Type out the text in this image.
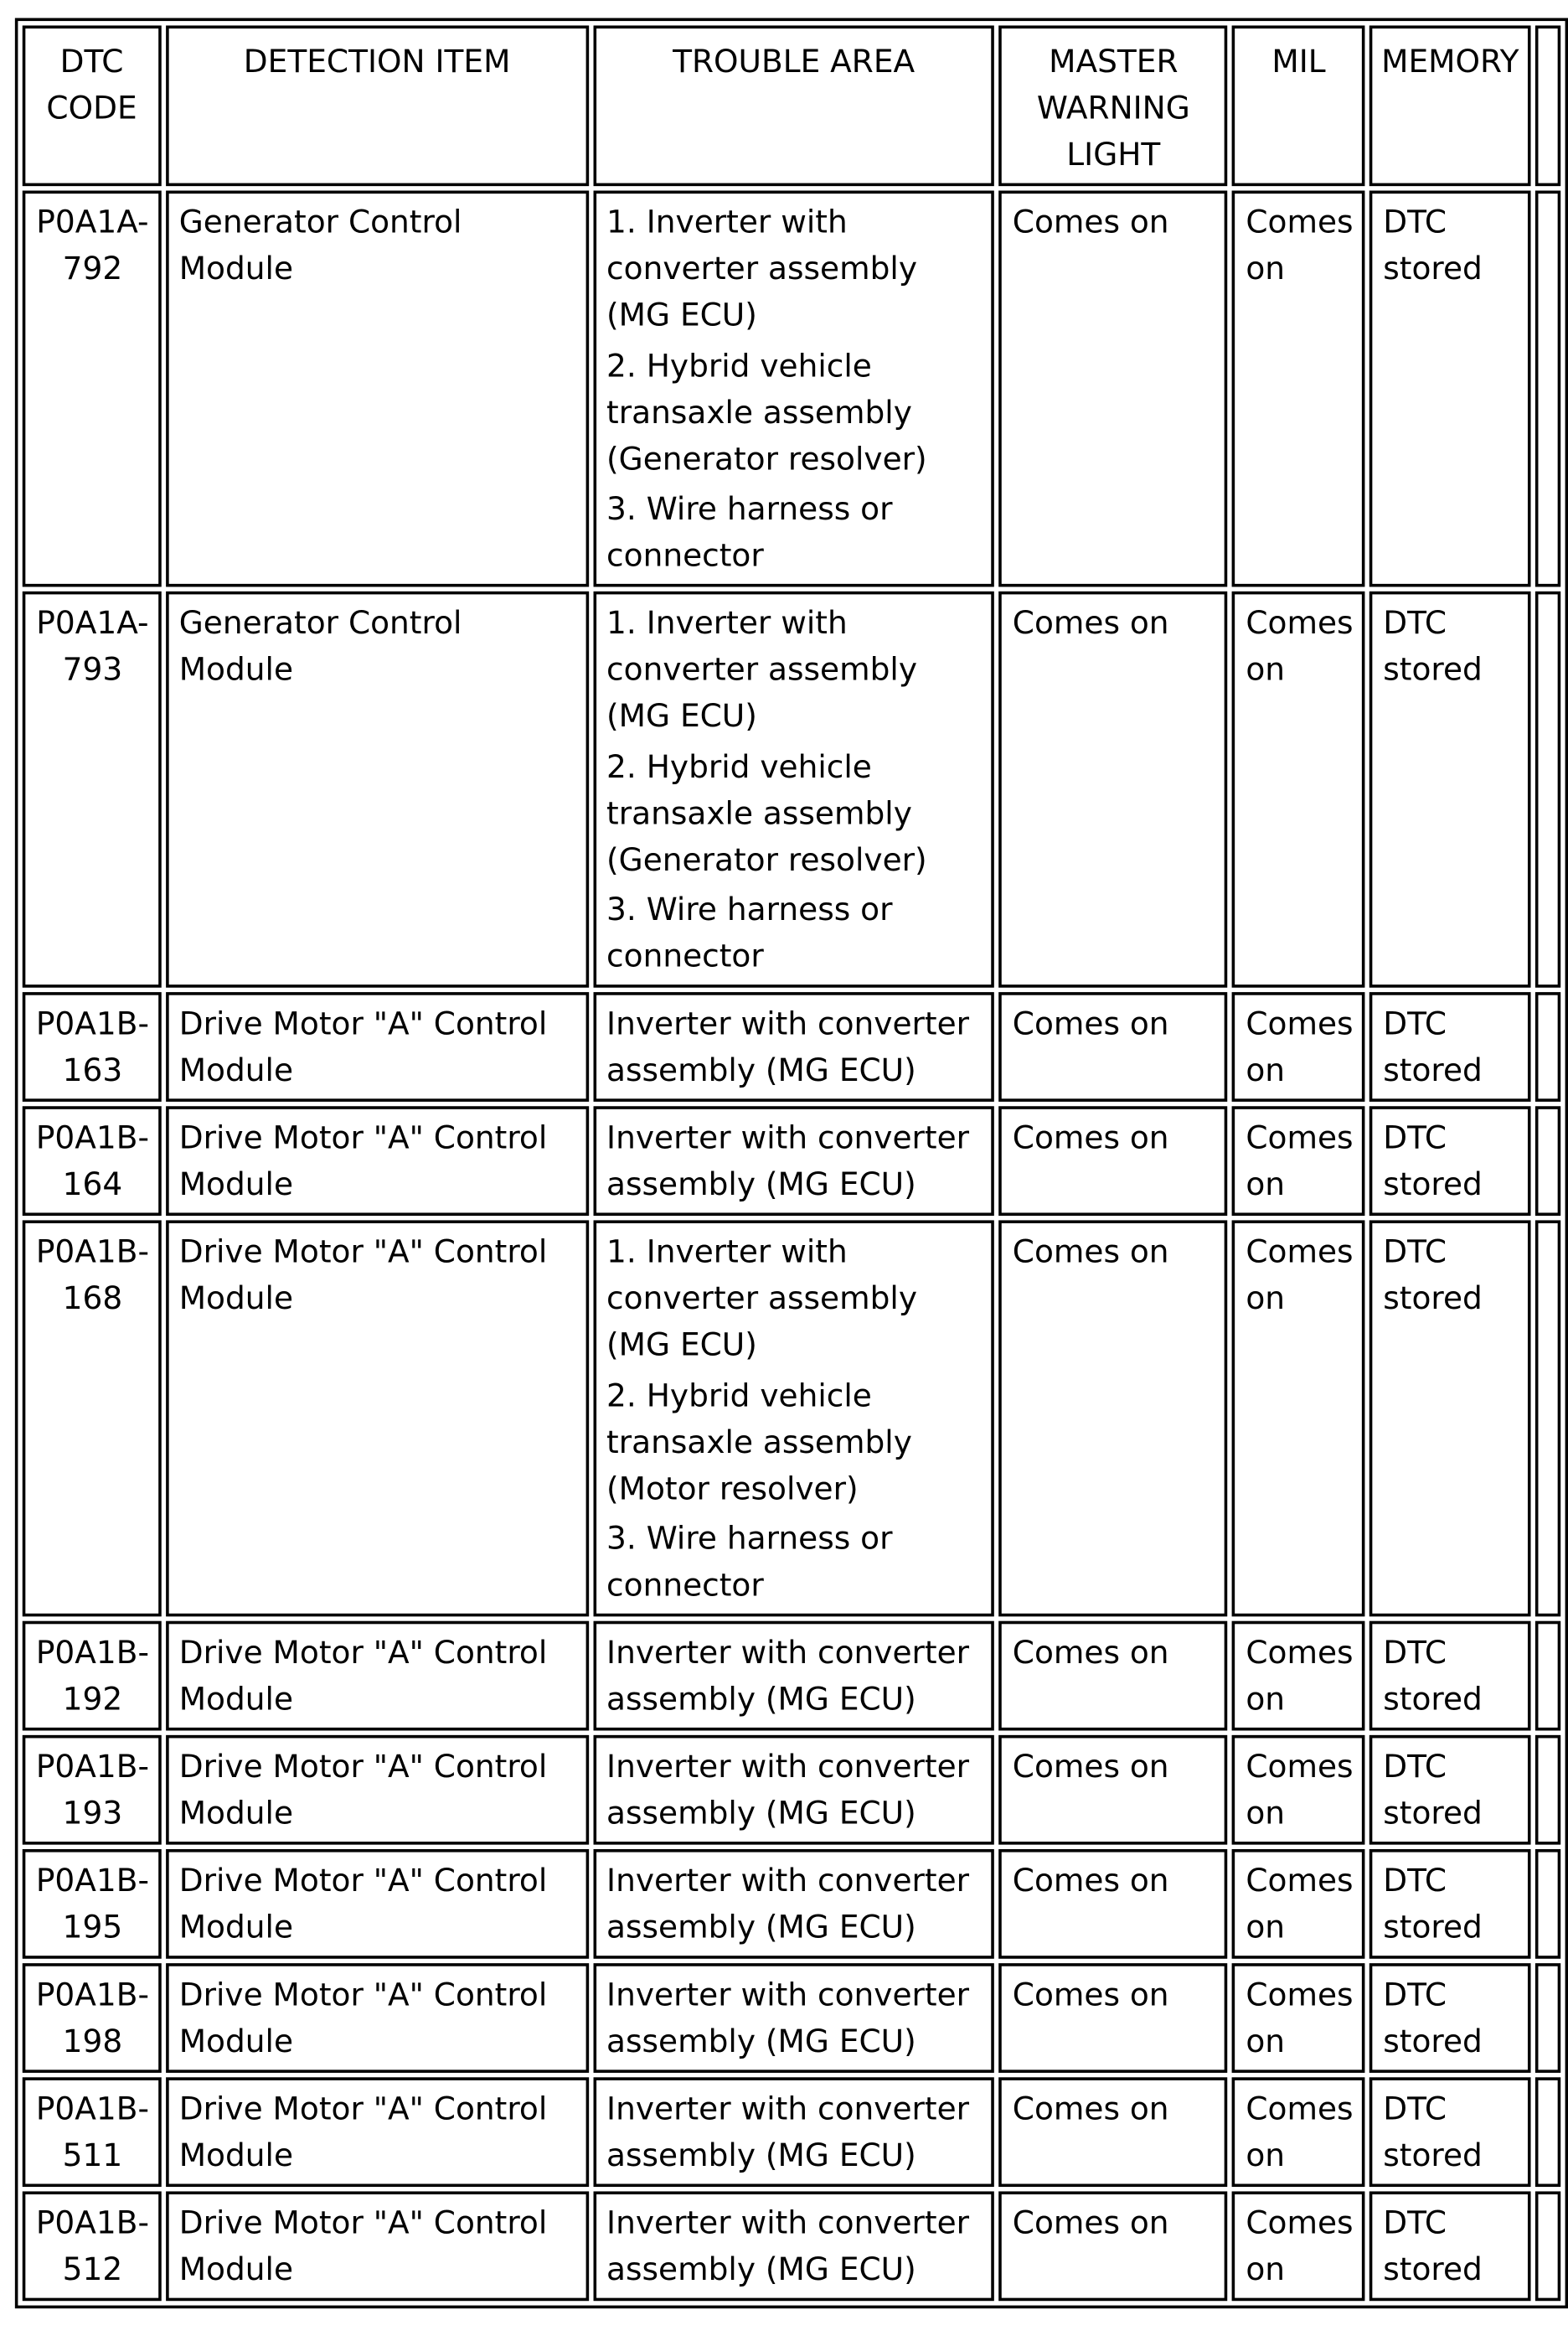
DTC CODE	DETECTION ITEM	TROUBLE AREA	MASTER WARNING LIGHT	MIL	MEMORY	
P0A1A-792	Generator Control Module	1. Inverter with converter assembly (MG ECU)
2. Hybrid vehicle transaxle assembly (Generator resolver)
3. Wire harness or connector	Comes on	Comes on	DTC stored	
P0A1A-793	Generator Control Module	1. Inverter with converter assembly (MG ECU)
2. Hybrid vehicle transaxle assembly (Generator resolver)
3. Wire harness or connector	Comes on	Comes on	DTC stored	
P0A1B-163	Drive Motor "A" Control Module	Inverter with converter assembly (MG ECU)	Comes on	Comes on	DTC stored	
P0A1B-164	Drive Motor "A" Control Module	Inverter with converter assembly (MG ECU)	Comes on	Comes on	DTC stored	
P0A1B-168	Drive Motor "A" Control Module	1. Inverter with converter assembly (MG ECU)
2. Hybrid vehicle transaxle assembly (Motor resolver)
3. Wire harness or connector	Comes on	Comes on	DTC stored	
P0A1B-192	Drive Motor "A" Control Module	Inverter with converter assembly (MG ECU)	Comes on	Comes on	DTC stored	
P0A1B-193	Drive Motor "A" Control Module	Inverter with converter assembly (MG ECU)	Comes on	Comes on	DTC stored	
P0A1B-195	Drive Motor "A" Control Module	Inverter with converter assembly (MG ECU)	Comes on	Comes on	DTC stored	
P0A1B-198	Drive Motor "A" Control Module	Inverter with converter assembly (MG ECU)	Comes on	Comes on	DTC stored	
P0A1B-511	Drive Motor "A" Control Module	Inverter with converter assembly (MG ECU)	Comes on	Comes on	DTC stored	
P0A1B-512	Drive Motor "A" Control Module	Inverter with converter assembly (MG ECU)	Comes on	Comes on	DTC stored	
